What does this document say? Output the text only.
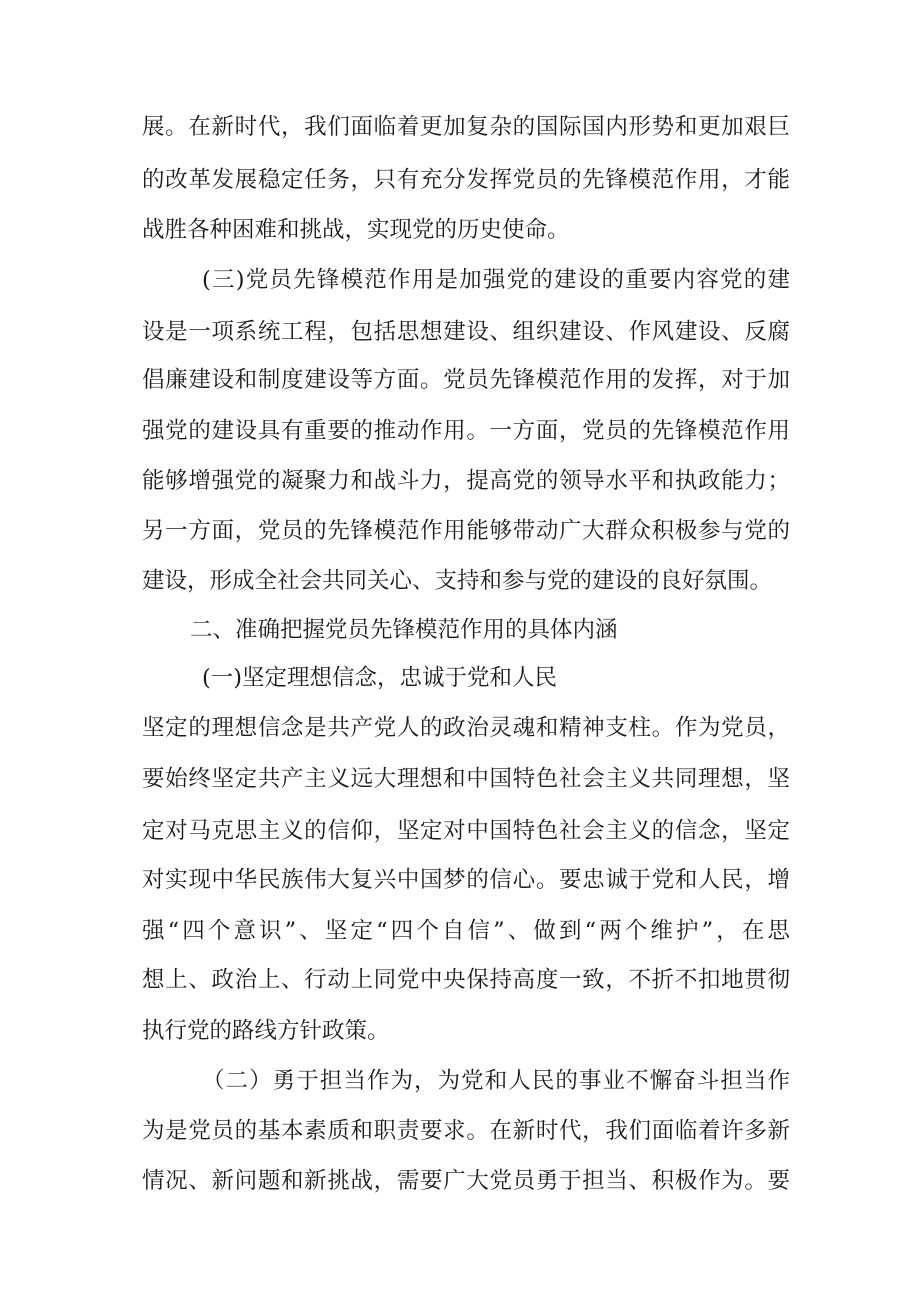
展。在新时代，我们面临着更加复杂的国际国内形势和更加艰巨

的改革发展稳定任务，只有充分发挥党员的先锋模范作用，才能

战胜各种困难和挑战，实现党的历史使命。

(三)党员先锋模范作用是加强党的建设的重要内容党的建

设是一项系统工程，包括思想建设、组织建设、作风建设、反腐

倡廉建设和制度建设等方面。党员先锋模范作用的发挥，对于加

强党的建设具有重要的推动作用。一方面，党员的先锋模范作用

能够增强党的凝聚力和战斗力，提高党的领导水平和执政能力；

另一方面，党员的先锋模范作用能够带动广大群众积极参与党的

建设，形成全社会共同关心、支持和参与党的建设的良好氛围。

二、准确把握党员先锋模范作用的具体内涵

(一)坚定理想信念，忠诚于党和人民

坚定的理想信念是共产党人的政治灵魂和精神支柱。作为党员，

要始终坚定共产主义远大理想和中国特色社会主义共同理想，坚

定对马克思主义的信仰，坚定对中国特色社会主义的信念，坚定

对实现中华民族伟大复兴中国梦的信心。要忠诚于党和人民，增

强“四个意识”、坚定“四个自信”、做到“两个维护”，在思

想上、政治上、行动上同党中央保持高度一致，不折不扣地贯彻

执行党的路线方针政策。

（二）勇于担当作为，为党和人民的事业不懈奋斗担当作

为是党员的基本素质和职责要求。在新时代，我们面临着许多新

情况、新问题和新挑战，需要广大党员勇于担当、积极作为。要
